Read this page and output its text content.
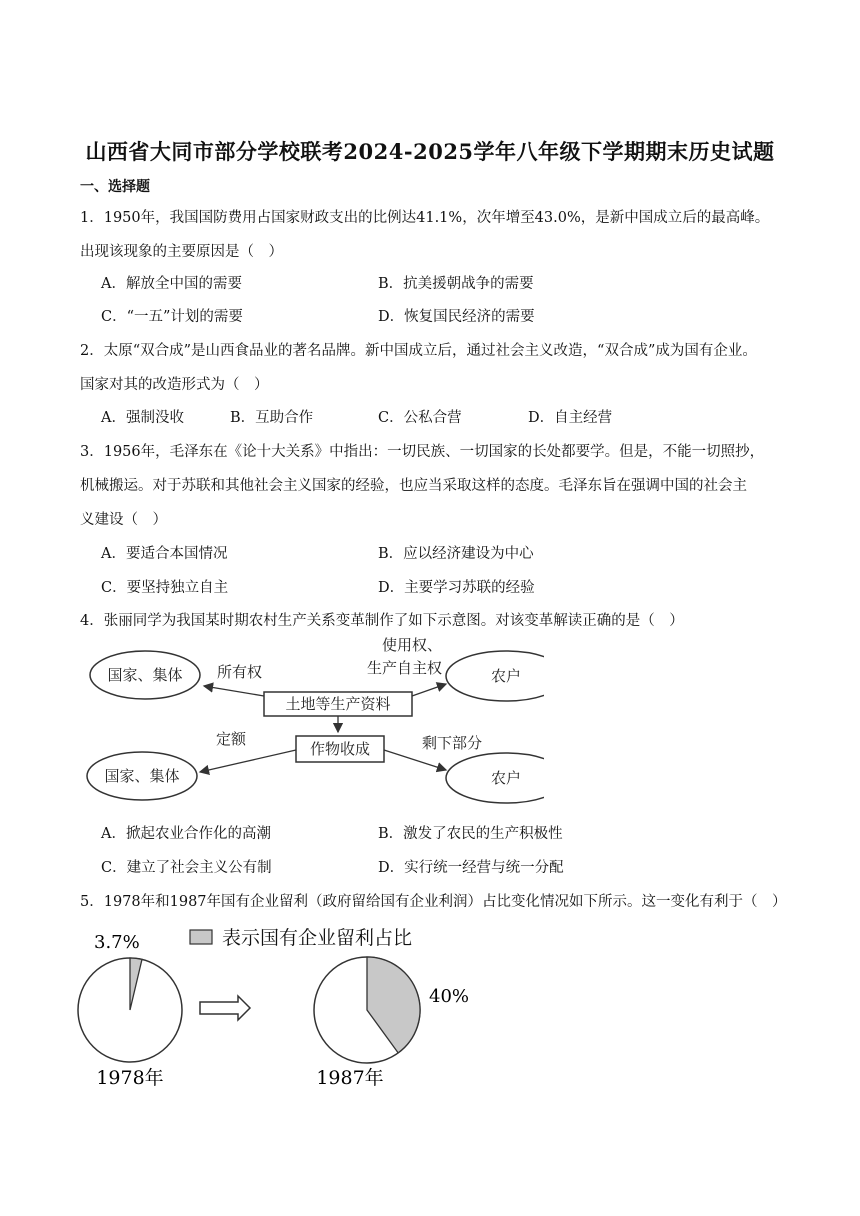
山西省大同市部分学校联考2024-2025学年八年级下学期期末历史试题
一、选择题
1．1950年，我国国防费用占国家财政支出的比例达41.1%，次年增至43.0%，是新中国成立后的最高峰。
出现该现象的主要原因是（　）
A．解放全中国的需要	B．抗美援朝战争的需要
C．“一五”计划的需要	D．恢复国民经济的需要
2．太原“双合成”是山西食品业的著名品牌。新中国成立后，通过社会主义改造，“双合成”成为国有企业。
国家对其的改造形式为（　）
A．强制没收	B．互助合作	C．公私合营	D．自主经营
3．1956年，毛泽东在《论十大关系》中指出：一切民族、一切国家的长处都要学。但是，不能一切照抄，
机械搬运。对于苏联和其他社会主义国家的经验，也应当采取这样的态度。毛泽东旨在强调中国的社会主
义建设（　）
A．要适合本国情况	B．应以经济建设为中心
C．要坚持独立自主	D．主要学习苏联的经验
4．张丽同学为我国某时期农村生产关系变革制作了如下示意图。对该变革解读正确的是（　）
国家、集体	农户
土地等生产资料
所有权
使用权、
生产自主权
作物收成
国家、集体	农户
定额	剩下部分
A．掀起农业合作化的高潮	B．激发了农民的生产积极性
C．建立了社会主义公有制	D．实行统一经营与统一分配
5．1978年和1987年国有企业留利（政府留给国有企业利润）占比变化情况如下所示。这一变化有利于（　）
3.7%
1978年
40%
1987年
表示国有企业留利占比
